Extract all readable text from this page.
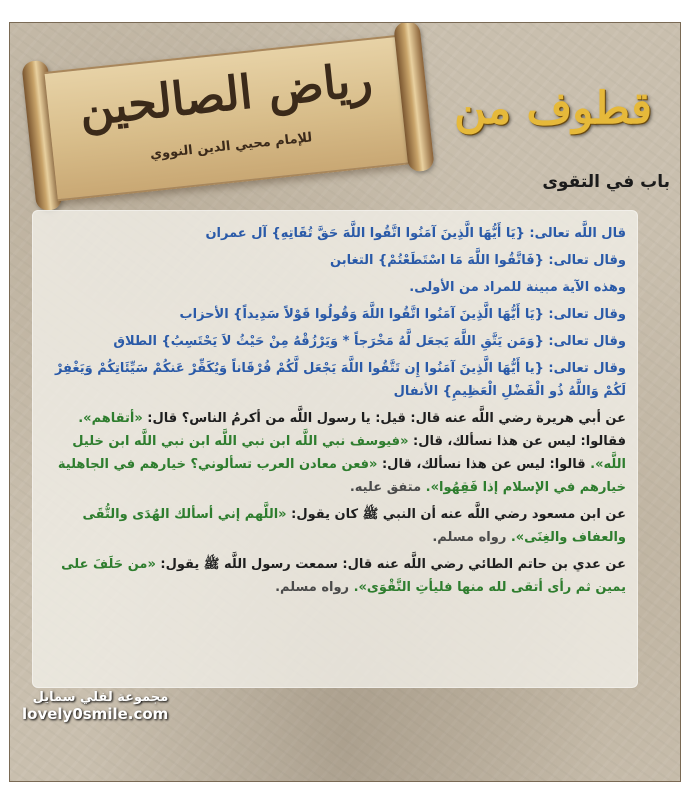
رياض الصالحين
للإمام محيي الدين النووي
قطوف من
باب في التقوى

قال اللَّه تعالى: {يَا أَيُّهَا الَّذِينَ آمَنُوا اتَّقُوا اللَّهَ حَقَّ تُقَاتِهِ} آل عمران

وقال تعالى: {فَاتَّقُوا اللَّهَ مَا اسْتَطَعْتُمْ} التغابن

وهذه الآية مبينة للمراد من الأولى.

وقال تعالى: {يَا أَيُّهَا الَّذِينَ آمَنُوا اتَّقُوا اللَّهَ وَقُولُوا قَوْلاً سَدِيداً} الأحزاب

وقال تعالى: {وَمَن يَتَّقِ اللَّهَ يَجعَل لَّهُ مَخْرَجاً * وَيَرْزُقْهُ مِنْ حَيْثُ لاَ يَحْتَسِبُ} الطلاق

وقال تعالى: {يا أَيُّهَا الَّذِينَ آمَنُوا إِن تَتَّقُوا اللَّهَ يَجْعَل لَّكُمْ فُرْقَاناً وَيُكَفِّرْ عَنكُمْ سَيِّئَاتِكُمْ وَيَغْفِرْ لَكُمْ وَاللَّهُ ذُو الْفَضْلِ الْعَظِيمِ} الأنفال

عن أبي هريرة رضي اللَّه عنه قال: قيل: يا رسول اللَّه من أكرمُ الناس؟ قال: «أتقاهم». فقالوا: ليس عن هذا نسألك، قال: «فيوسف نبي اللَّه ابن نبي اللَّه ابن نبي اللَّه ابن خليل اللَّه». قالوا: ليس عن هذا نسألك، قال: «فعن معادن العرب تسألوني؟ خيارهم في الجاهلية خيارهم في الإسلام إذا فَقِهُوا». متفق عليه.

عن ابن مسعود رضي اللَّه عنه أن النبي ﷺ كان يقول: «اللَّهم إني أسألك الهُدَى والتُّقَى والعفاف والغِنَى». رواه مسلم.

عن عدي بن حاتم الطائي رضي اللَّه عنه قال: سمعت رسول اللَّه ﷺ يقول: «من حَلَفَ على يمين ثم رأى أتقى لله منها فليأتِ التَّقْوَى». رواه مسلم.

مجموعة لفلي سمايل
lovely0smile.com
